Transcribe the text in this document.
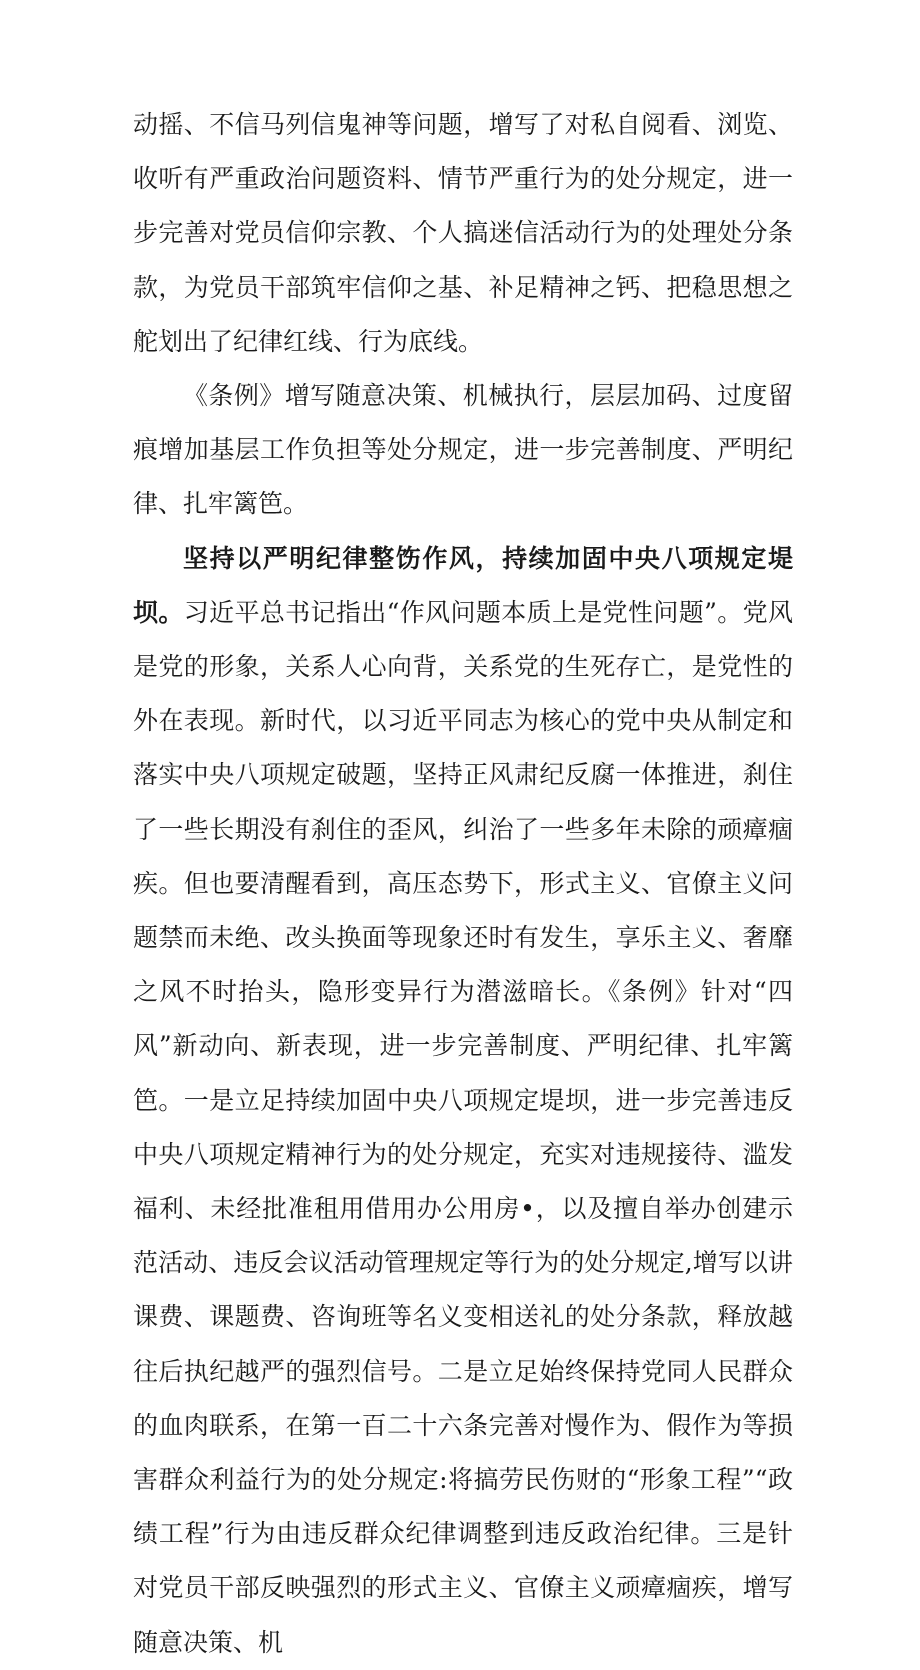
动摇、不信马列信鬼神等问题，增写了对私自阅看、浏览、收听有严重政治问题资料、情节严重行为的处分规定，进一步完善对党员信仰宗教、个人搞迷信活动行为的处理处分条款，为党员干部筑牢信仰之基、补足精神之钙、把稳思想之舵划出了纪律红线、行为底线。

《条例》增写随意决策、机械执行，层层加码、过度留痕增加基层工作负担等处分规定，进一步完善制度、严明纪律、扎牢篱笆。

坚持以严明纪律整饬作风，持续加固中央八项规定堤坝。习近平总书记指出“作风问题本质上是党性问题”。党风是党的形象，关系人心向背，关系党的生死存亡，是党性的外在表现。新时代，以习近平同志为核心的党中央从制定和落实中央八项规定破题，坚持正风肃纪反腐一体推进，刹住了一些长期没有刹住的歪风，纠治了一些多年未除的顽瘴痼疾。但也要清醒看到，高压态势下，形式主义、官僚主义问题禁而未绝、改头换面等现象还时有发生，享乐主义、奢靡之风不时抬头，隐形变异行为潜滋暗长。《条例》针对“四风”新动向、新表现，进一步完善制度、严明纪律、扎牢篱笆。一是立足持续加固中央八项规定堤坝，进一步完善违反中央八项规定精神行为的处分规定，充实对违规接待、滥发福利、未经批准租用借用办公用房•，以及擅自举办创建示范活动、违反会议活动管理规定等行为的处分规定,增写以讲课费、课题费、咨询班等名义变相送礼的处分条款，释放越往后执纪越严的强烈信号。二是立足始终保持党同人民群众的血肉联系，在第一百二十六条完善对慢作为、假作为等损害群众利益行为的处分规定:将搞劳民伤财的“形象工程”“政绩工程”行为由违反群众纪律调整到违反政治纪律。三是针对党员干部反映强烈的形式主义、官僚主义顽瘴痼疾，增写随意决策、机
